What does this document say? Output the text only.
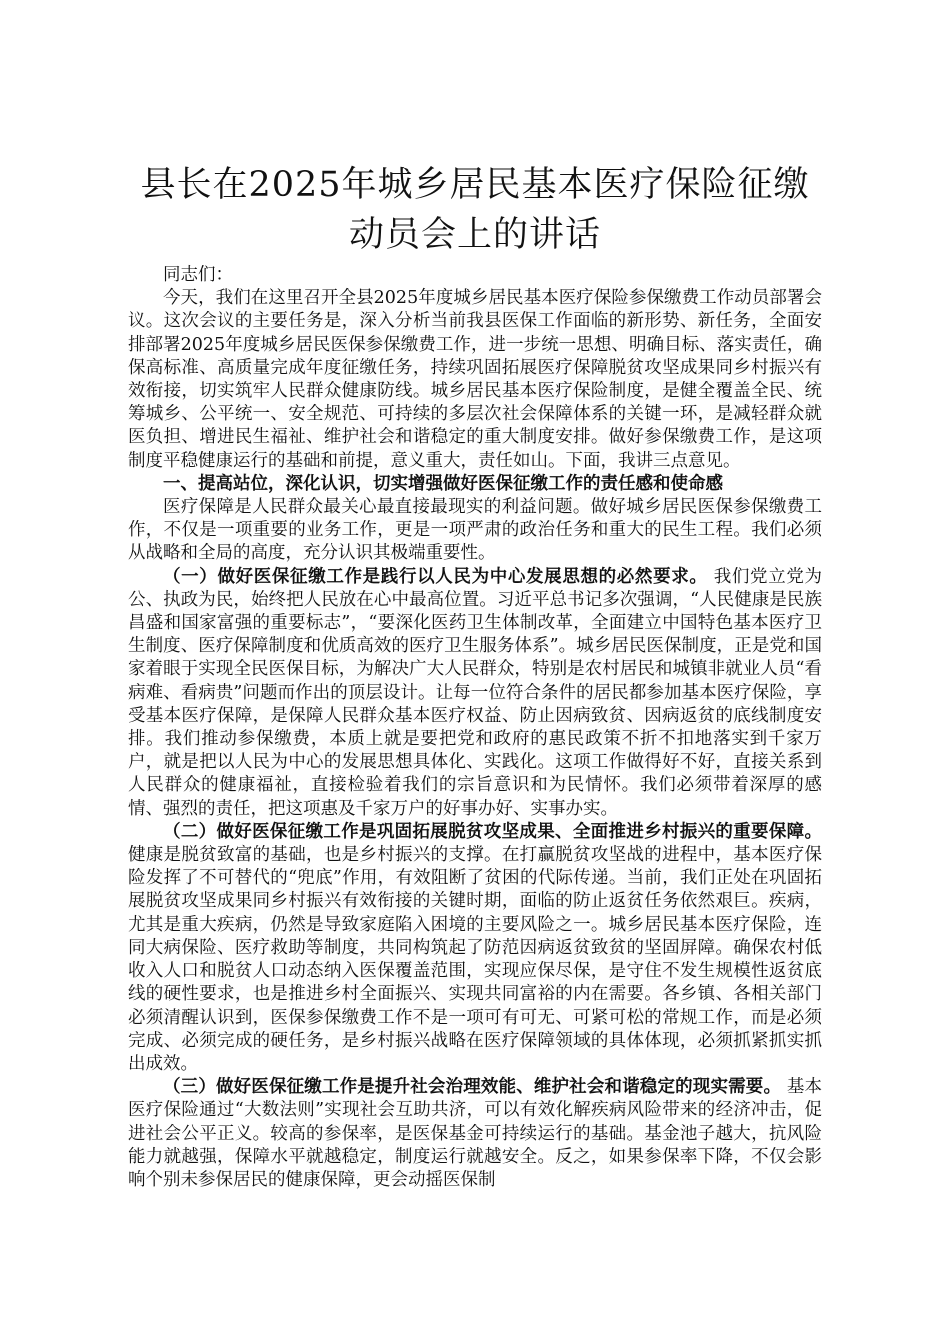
县长在2025年城乡居民基本医疗保险征缴动员会上的讲话

同志们：

今天，我们在这里召开全县2025年度城乡居民基本医疗保险参保缴费工作动员部署会议。这次会议的主要任务是，深入分析当前我县医保工作面临的新形势、新任务，全面安排部署2025年度城乡居民医保参保缴费工作，进一步统一思想、明确目标、落实责任，确保高标准、高质量完成年度征缴任务，持续巩固拓展医疗保障脱贫攻坚成果同乡村振兴有效衔接，切实筑牢人民群众健康防线。城乡居民基本医疗保险制度，是健全覆盖全民、统筹城乡、公平统一、安全规范、可持续的多层次社会保障体系的关键一环，是减轻群众就医负担、增进民生福祉、维护社会和谐稳定的重大制度安排。做好参保缴费工作，是这项制度平稳健康运行的基础和前提，意义重大，责任如山。下面，我讲三点意见。

一、提高站位，深化认识，切实增强做好医保征缴工作的责任感和使命感

医疗保障是人民群众最关心最直接最现实的利益问题。做好城乡居民医保参保缴费工作，不仅是一项重要的业务工作，更是一项严肃的政治任务和重大的民生工程。我们必须从战略和全局的高度，充分认识其极端重要性。

（一）做好医保征缴工作是践行以人民为中心发展思想的必然要求。 我们党立党为公、执政为民，始终把人民放在心中最高位置。习近平总书记多次强调，“人民健康是民族昌盛和国家富强的重要标志”，“要深化医药卫生体制改革，全面建立中国特色基本医疗卫生制度、医疗保障制度和优质高效的医疗卫生服务体系”。城乡居民医保制度，正是党和国家着眼于实现全民医保目标，为解决广大人民群众，特别是农村居民和城镇非就业人员“看病难、看病贵”问题而作出的顶层设计。让每一位符合条件的居民都参加基本医疗保险，享受基本医疗保障，是保障人民群众基本医疗权益、防止因病致贫、因病返贫的底线制度安排。我们推动参保缴费，本质上就是要把党和政府的惠民政策不折不扣地落实到千家万户，就是把以人民为中心的发展思想具体化、实践化。这项工作做得好不好，直接关系到人民群众的健康福祉，直接检验着我们的宗旨意识和为民情怀。我们必须带着深厚的感情、强烈的责任，把这项惠及千家万户的好事办好、实事办实。

（二）做好医保征缴工作是巩固拓展脱贫攻坚成果、全面推进乡村振兴的重要保障。 健康是脱贫致富的基础，也是乡村振兴的支撑。在打赢脱贫攻坚战的进程中，基本医疗保险发挥了不可替代的“兜底”作用，有效阻断了贫困的代际传递。当前，我们正处在巩固拓展脱贫攻坚成果同乡村振兴有效衔接的关键时期，面临的防止返贫任务依然艰巨。疾病，尤其是重大疾病，仍然是导致家庭陷入困境的主要风险之一。城乡居民基本医疗保险，连同大病保险、医疗救助等制度，共同构筑起了防范因病返贫致贫的坚固屏障。确保农村低收入人口和脱贫人口动态纳入医保覆盖范围，实现应保尽保，是守住不发生规模性返贫底线的硬性要求，也是推进乡村全面振兴、实现共同富裕的内在需要。各乡镇、各相关部门必须清醒认识到，医保参保缴费工作不是一项可有可无、可紧可松的常规工作，而是必须完成、必须完成的硬任务，是乡村振兴战略在医疗保障领域的具体体现，必须抓紧抓实抓出成效。

（三）做好医保征缴工作是提升社会治理效能、维护社会和谐稳定的现实需要。 基本医疗保险通过“大数法则”实现社会互助共济，可以有效化解疾病风险带来的经济冲击，促进社会公平正义。较高的参保率，是医保基金可持续运行的基础。基金池子越大，抗风险能力就越强，保障水平就越稳定，制度运行就越安全。反之，如果参保率下降，不仅会影响个别未参保居民的健康保障，更会动摇医保制
